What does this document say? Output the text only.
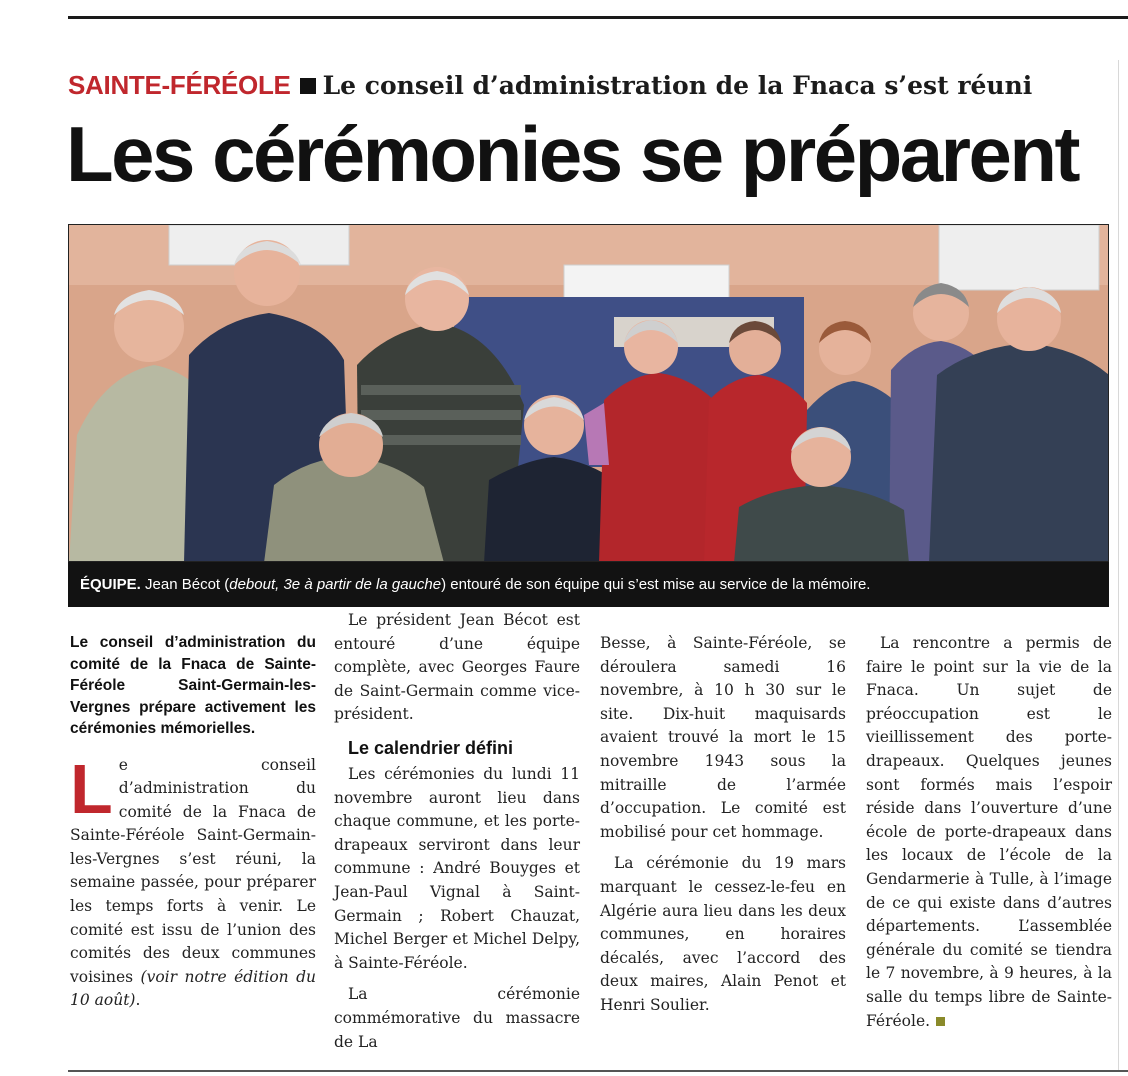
SAINTE-FÉRÉOLE Le conseil d’administration de la Fnaca s’est réuni
Les cérémonies se préparent
ÉQUIPE. Jean Bécot (debout, 3e à partir de la gauche) entouré de son équipe qui s’est mise au service de la mémoire.
Le conseil d’administration du comité de la Fnaca de Sainte-Féréole Saint-Germain-les-Vergnes prépare activement les cérémonies mémorielles.

Le conseil d’administration du comité de la Fnaca de Sainte-Féréole Saint-Germain-les-Vergnes s’est réuni, la semaine passée, pour préparer les temps forts à venir. Le comité est issu de l’union des comités des deux communes voisines (voir notre édition du 10 août).

Le président Jean Bécot est entouré d’une équipe complète, avec Georges Faure de Saint-Germain comme vice-président.

Le calendrier défini

Les cérémonies du lundi 11 novembre auront lieu dans chaque commune, et les porte-drapeaux serviront dans leur commune : André Bouyges et Jean-Paul Vignal à Saint-Germain ; Robert Chauzat, Michel Berger et Michel Delpy, à Sainte-Féréole.

La cérémonie commémorative du massacre de La

Besse, à Sainte-Féréole, se déroulera samedi 16 novembre, à 10 h 30 sur le site. Dix-huit maquisards avaient trouvé la mort le 15 novembre 1943 sous la mitraille de l’armée d’occupation. Le comité est mobilisé pour cet hommage.

La cérémonie du 19 mars marquant le cessez-le-feu en Algérie aura lieu dans les deux communes, en horaires décalés, avec l’accord des deux maires, Alain Penot et Henri Soulier.

La rencontre a permis de faire le point sur la vie de la Fnaca. Un sujet de préoccupation est le vieillissement des porte-drapeaux. Quelques jeunes sont formés mais l’espoir réside dans l’ouverture d’une école de porte-drapeaux dans les locaux de l’école de la Gendarmerie à Tulle, à l’image de ce qui existe dans d’autres départements. L’assemblée générale du comité se tiendra le 7 novembre, à 9 heures, à la salle du temps libre de Sainte-Féréole.
